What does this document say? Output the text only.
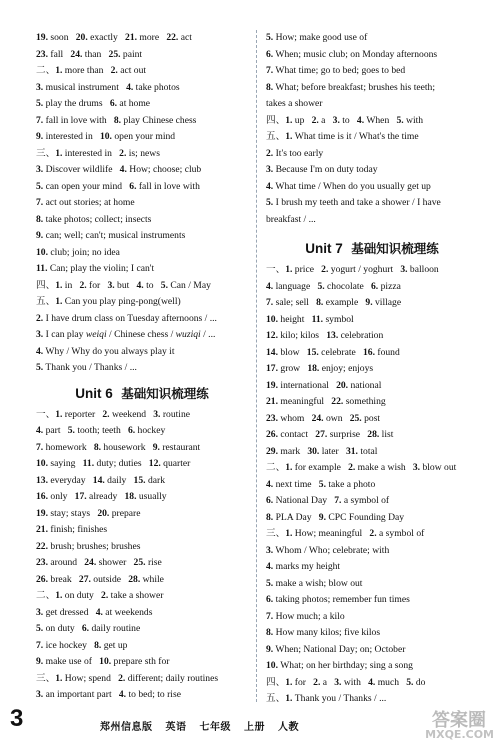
19. soon   20. exactly   21. more   22. act
23. fall   24. than   25. paint
二、1. more than   2. act out
3. musical instrument   4. take photos
5. play the drums   6. at home
7. fall in love with   8. play Chinese chess
9. interested in   10. open your mind
三、1. interested in   2. is; news
3. Discover wildlife   4. How; choose; club
5. can open your mind   6. fall in love with
7. act out stories; at home
8. take photos; collect; insects
9. can; well; can't; musical instruments
10. club; join; no idea
11. Can; play the violin; I can't
四、1. in   2. for   3. but   4. to   5. Can / May
五、1. Can you play ping-pong(well)
2. I have drum class on Tuesday afternoons / ...
3. I can play weiqi / Chinese chess / wuziqi / ...
4. Why / Why do you always play it
5. Thank you / Thanks / ...
Unit 6 基础知识梳理练
一、1. reporter   2. weekend   3. routine
4. part   5. tooth; teeth   6. hockey
7. homework   8. housework   9. restaurant
10. saying   11. duty; duties   12. quarter
13. everyday   14. daily   15. dark
16. only   17. already   18. usually
19. stay; stays   20. prepare
21. finish; finishes
22. brush; brushes; brushes
23. around   24. shower   25. rise
26. break   27. outside   28. while
二、1. on duty   2. take a shower
3. get dressed   4. at weekends
5. on duty   6. daily routine
7. ice hockey   8. get up
9. make use of   10. prepare sth for
三、1. How; spend   2. different; daily routines
3. an important part   4. to bed; to rise
5. How; make good use of
6. When; music club; on Monday afternoons
7. What time; go to bed; goes to bed
8. What; before breakfast; brushes his teeth;
takes a shower
四、1. up   2. a   3. to   4. When   5. with
五、1. What time is it / What's the time
2. It's too early
3. Because I'm on duty today
4. What time / When do you usually get up
5. I brush my teeth and take a shower / I have
breakfast / ...
Unit 7 基础知识梳理练
一、1. price   2. yogurt / yoghurt   3. balloon
4. language   5. chocolate   6. pizza
7. sale; sell   8. example   9. village
10. height   11. symbol
12. kilo; kilos   13. celebration
14. blow   15. celebrate   16. found
17. grow   18. enjoy; enjoys
19. international   20. national
21. meaningful   22. something
23. whom   24. own   25. post
26. contact   27. surprise   28. list
29. mark   30. later   31. total
二、1. for example   2. make a wish   3. blow out
4. next time   5. take a photo
6. National Day   7. a symbol of
8. PLA Day   9. CPC Founding Day
三、1. How; meaningful   2. a symbol of
3. Whom / Who; celebrate; with
4. marks my height
5. make a wish; blow out
6. taking photos; remember fun times
7. How much; a kilo
8. How many kilos; five kilos
9. When; National Day; on; October
10. What; on her birthday; sing a song
四、1. for   2. a   3. with   4. much   5. do
五、1. Thank you / Thanks / ...
3	郑州信息版 英语 七年级 上册 人教	答案圈
MXQE.COM
